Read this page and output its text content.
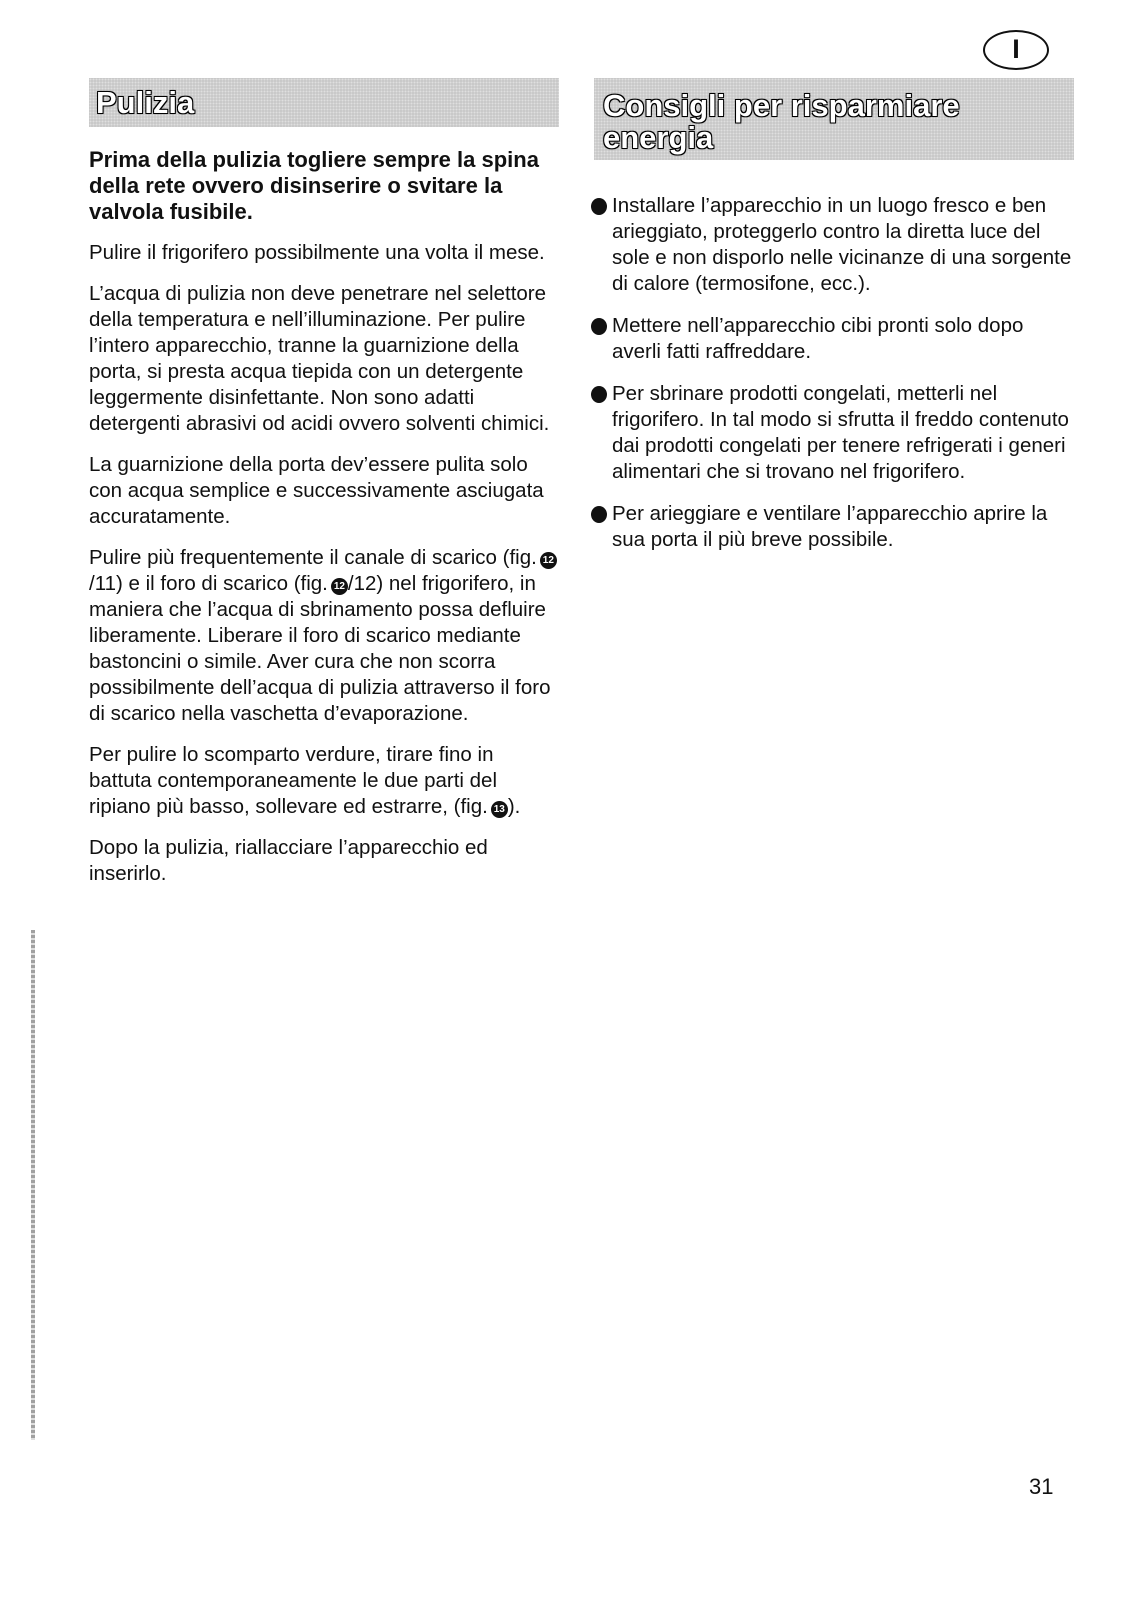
I
Pulizia

Prima della pulizia togliere sempre la spina della rete ovvero disinserire o svitare la valvola fusibile.

Pulire il frigorifero possibilmente una volta il mese.

L’acqua di pulizia non deve penetrare nel selettore della temperatura e nell’illuminazione. Per pulire l’intero apparecchio, tranne la guarnizione della porta, si presta acqua tiepida con un detergente leggermente disinfettante. Non sono adatti detergenti abrasivi od acidi ovvero solventi chimici.

La guarnizione della porta dev’essere pulita solo con acqua semplice e successivamente asciugata accuratamente.

Pulire più frequentemente il canale di scarico (fig. 12/11) e il foro di scarico (fig. 12 /12) nel frigorifero, in maniera che l’acqua di sbrinamento possa defluire liberamente. Liberare il foro di scarico mediante bastoncini o simile. Aver cura che non scorra possibilmente dell’acqua di pulizia attraverso il foro di scarico nella vaschetta d’evaporazione.

Per pulire lo scomparto verdure, tirare fino in battuta contemporaneamente le due parti del ripiano più basso, sollevare ed estrarre, (fig. 13 ).

Dopo la pulizia, riallacciare l’apparecchio ed inserirlo.

Consigli per risparmiare
energia
Installare l’apparecchio in un luogo fresco e ben arieggiato, proteggerlo contro la diretta luce del sole e non disporlo nelle vicinanze di una sorgente di calore (termosifone, ecc.).
Mettere nell’apparecchio cibi pronti solo dopo averli fatti raffreddare.
Per sbrinare prodotti congelati, metterli nel frigorifero. In tal modo si sfrutta il freddo contenuto dai prodotti congelati per tenere refrigerati i generi alimentari che si trovano nel frigorifero.
Per arieggiare e ventilare l’apparecchio aprire la sua porta il più breve possibile.
31
